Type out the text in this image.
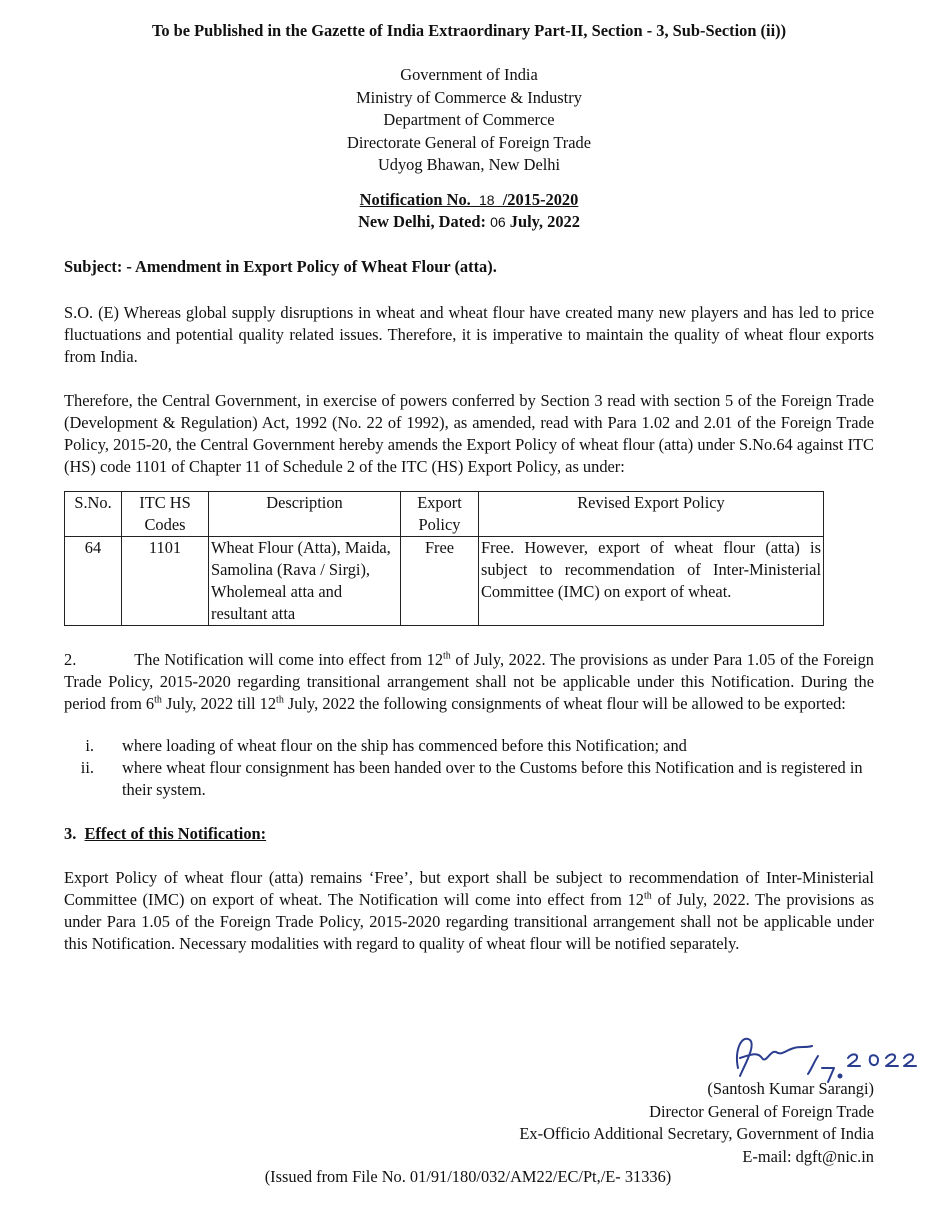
To be Published in the Gazette of India Extraordinary Part-II, Section - 3, Sub-Section (ii))
Government of India
Ministry of Commerce & Industry
Department of Commerce
Directorate General of Foreign Trade
Udyog Bhawan, New Delhi
Notification No. 18 /2015-2020
New Delhi, Dated: 06 July, 2022
Subject: - Amendment in Export Policy of Wheat Flour (atta).

S.O. (E) Whereas global supply disruptions in wheat and wheat flour have created many new players and has led to price fluctuations and potential quality related issues. Therefore, it is imperative to maintain the quality of wheat flour exports from India.

Therefore, the Central Government, in exercise of powers conferred by Section 3 read with section 5 of the Foreign Trade (Development & Regulation) Act, 1992 (No. 22 of 1992), as amended, read with Para 1.02 and 2.01 of the Foreign Trade Policy, 2015-20, the Central Government hereby amends the Export Policy of wheat flour (atta) under S.No.64 against ITC (HS) code 1101 of Chapter 11 of Schedule 2 of the ITC (HS) Export Policy, as under:

S.No.	ITC HS Codes	Description	Export Policy	Revised Export Policy
64	1101	Wheat Flour (Atta), Maida, Samolina (Rava / Sirgi), Wholemeal atta and resultant atta	Free	Free. However, export of wheat flour (atta) is subject to recommendation of Inter-Ministerial Committee (IMC) on export of wheat.

2.	The Notification will come into effect from 12th of July, 2022. The provisions as under Para 1.05 of the Foreign Trade Policy, 2015-2020 regarding transitional arrangement shall not be applicable under this Notification. During the period from 6th July, 2022 till 12th July, 2022 the following consignments of wheat flour will be allowed to be exported:

i.	where loading of wheat flour on the ship has commenced before this Notification; and
ii.	where wheat flour consignment has been handed over to the Customs before this Notification and is registered in their system.
3. Effect of this Notification:

Export Policy of wheat flour (atta) remains ‘Free’, but export shall be subject to recommendation of Inter-Ministerial Committee (IMC) on export of wheat. The Notification will come into effect from 12th of July, 2022. The provisions as under Para 1.05 of the Foreign Trade Policy, 2015-2020 regarding transitional arrangement shall not be applicable under this Notification. Necessary modalities with regard to quality of wheat flour will be notified separately.

(Santosh Kumar Sarangi)
Director General of Foreign Trade
Ex-Officio Additional Secretary, Government of India
E-mail: dgft@nic.in
(Issued from File No. 01/91/180/032/AM22/EC/Pt,/E- 31336)
